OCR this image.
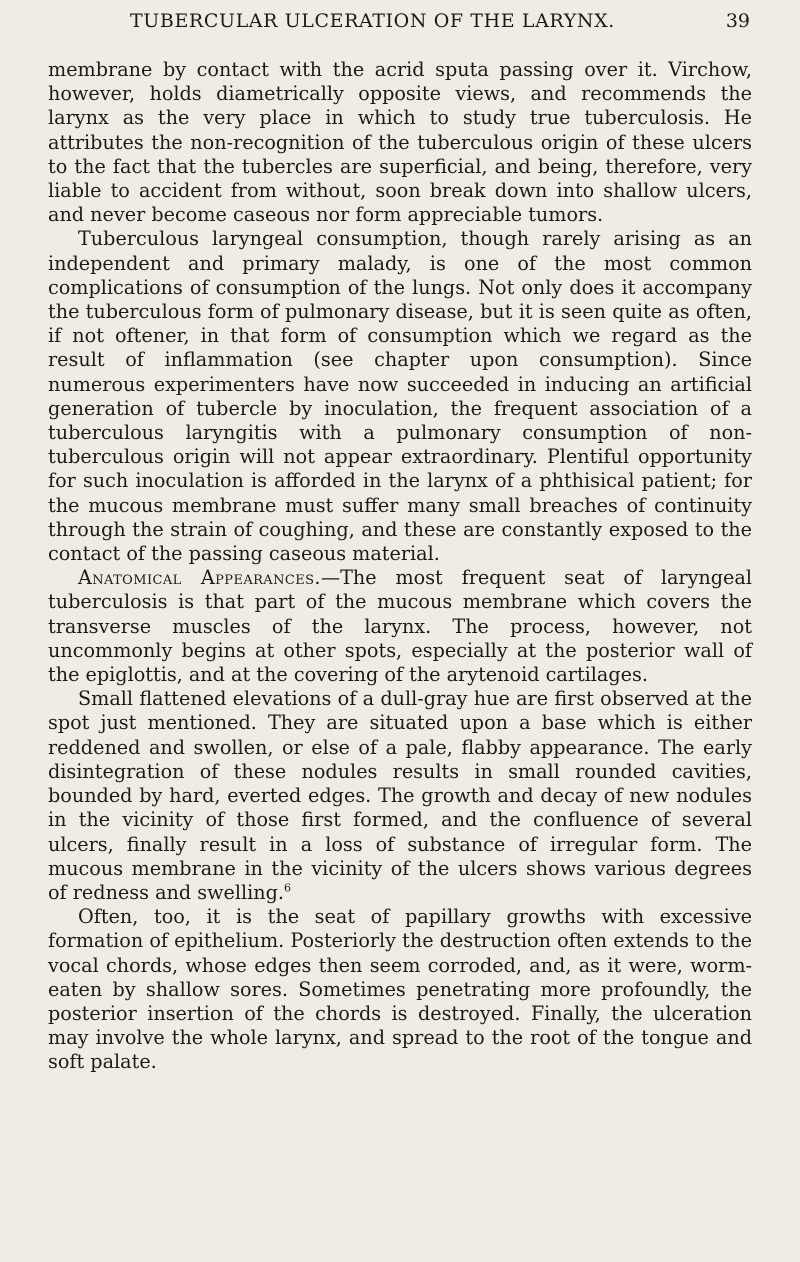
TUBERCULAR ULCERATION OF THE LARYNX.	39

membrane by contact with the acrid sputa passing over it. Virchow, however, holds diametrically opposite views, and recommends the larynx as the very place in which to study true tuberculosis. He attributes the non-recognition of the tuberculous origin of these ulcers to the fact that the tubercles are superficial, and being, therefore, very liable to accident from without, soon break down into shallow ulcers, and never become caseous nor form appreciable tumors.

Tuberculous laryngeal consumption, though rarely arising as an independent and primary malady, is one of the most common complications of consumption of the lungs. Not only does it accompany the tuberculous form of pulmonary disease, but it is seen quite as often, if not oftener, in that form of consumption which we regard as the result of inflammation (see chapter upon consumption). Since numerous experimenters have now succeeded in inducing an artificial generation of tubercle by inoculation, the frequent association of a tuberculous laryngitis with a pulmonary consumption of non-tuberculous origin will not appear extraordinary. Plentiful opportunity for such inoculation is afforded in the larynx of a phthisical patient; for the mucous membrane must suffer many small breaches of continuity through the strain of coughing, and these are constantly exposed to the contact of the passing caseous material.

Anatomical Appearances.—The most frequent seat of laryngeal tuberculosis is that part of the mucous membrane which covers the transverse muscles of the larynx. The process, however, not uncommonly begins at other spots, especially at the posterior wall of the epiglottis, and at the covering of the arytenoid cartilages.

Small flattened elevations of a dull-gray hue are first observed at the spot just mentioned. They are situated upon a base which is either reddened and swollen, or else of a pale, flabby appearance. The early disintegration of these nodules results in small rounded cavities, bounded by hard, everted edges. The growth and decay of new nodules in the vicinity of those first formed, and the confluence of several ulcers, finally result in a loss of substance of irregular form. The mucous membrane in the vicinity of the ulcers shows various degrees of redness and swelling.$^6$

Often, too, it is the seat of papillary growths with excessive formation of epithelium. Posteriorly the destruction often extends to the vocal chords, whose edges then seem corroded, and, as it were, worm-eaten by shallow sores. Sometimes penetrating more profoundly, the posterior insertion of the chords is destroyed. Finally, the ulceration may involve the whole larynx, and spread to the root of the tongue and soft palate.
